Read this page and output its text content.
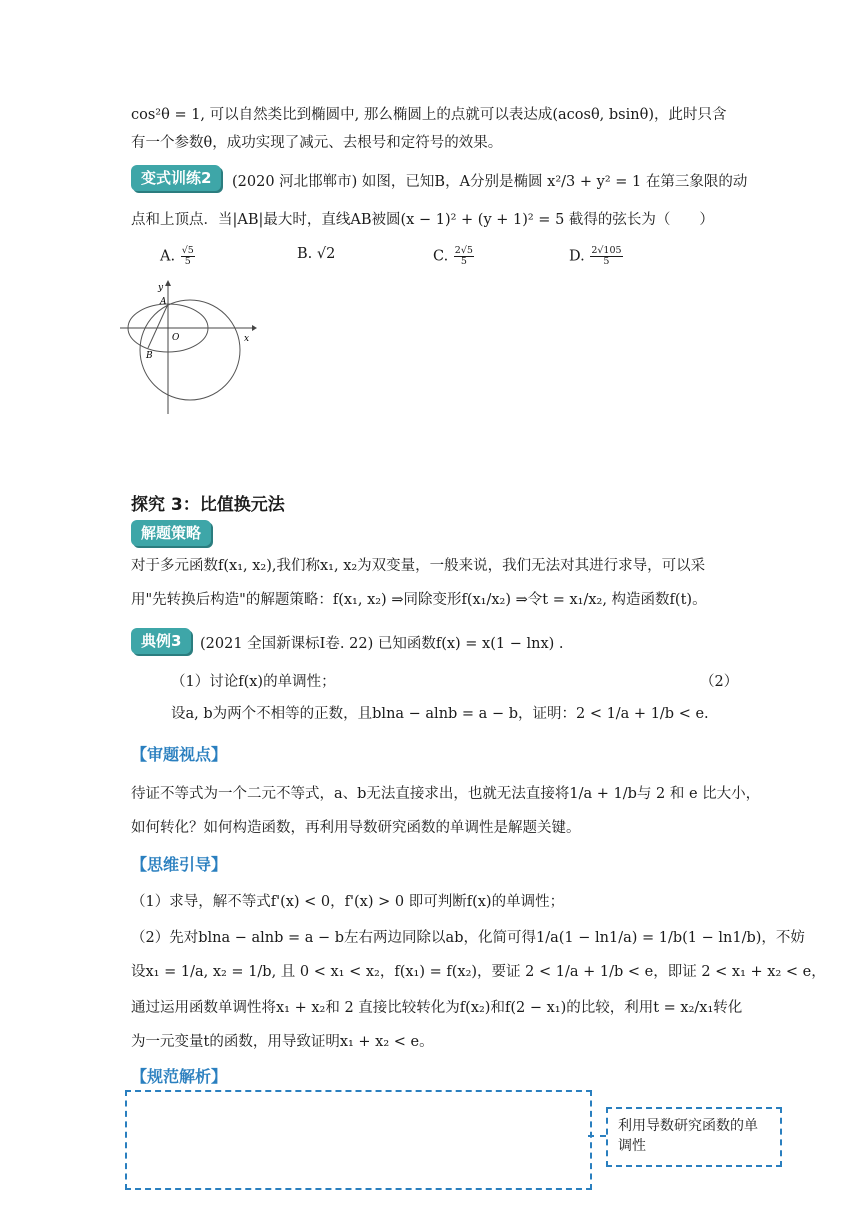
cos²θ = 1, 可以自然类比到椭圆中, 那么椭圆上的点就可以表达成(acosθ, bsinθ)，此时只含
有一个参数θ，成功实现了减元、去根号和定符号的效果。
变式训练2	(2020 河北邯郸市) 如图，已知B，A分别是椭圆 x²/3 + y² = 1 在第三象限的动
点和上顶点．当|AB|最大时，直线AB被圆(x − 1)² + (y + 1)² = 5 截得的弦长为（　　）
A. $\frac{√5}{5}$	B. √2	C. $\frac{2√5}{5}$	D. $\frac{2√105}{5}$
y
x
A
O
B
探究 3：比值换元法
解题策略
对于多元函数f(x₁, x₂),我们称x₁, x₂为双变量，一般来说，我们无法对其进行求导，可以采
用"先转换后构造"的解题策略：f(x₁, x₂) ⇒同除变形f(x₁/x₂) ⇒令t = x₁/x₂, 构造函数f(t)。
典例3	(2021 全国新课标Ⅰ卷. 22) 已知函数f(x) = x(1 − lnx) .
（1）讨论f(x)的单调性；	（2）
设a, b为两个不相等的正数，且blna − alnb = a − b，证明：2 < 1/a + 1/b < e.
【审题视点】
待证不等式为一个二元不等式，a、b无法直接求出，也就无法直接将1/a + 1/b与 2 和 e 比大小，
如何转化？如何构造函数，再利用导数研究函数的单调性是解题关键。
【思维引导】
（1）求导，解不等式f'(x) < 0，f'(x) > 0 即可判断f(x)的单调性；
（2）先对blna − alnb = a − b左右两边同除以ab，化简可得1/a(1 − ln1/a) = 1/b(1 − ln1/b)，不妨
设x₁ = 1/a, x₂ = 1/b, 且 0 < x₁ < x₂，f(x₁) = f(x₂)，要证 2 < 1/a + 1/b < e，即证 2 < x₁ + x₂ < e，
通过运用函数单调性将x₁ + x₂和 2 直接比较转化为f(x₂)和f(2 − x₁)的比较，利用t = x₂/x₁转化
为一元变量t的函数，用导致证明x₁ + x₂ < e。
【规范解析】
利用导数研究函数的单调性
